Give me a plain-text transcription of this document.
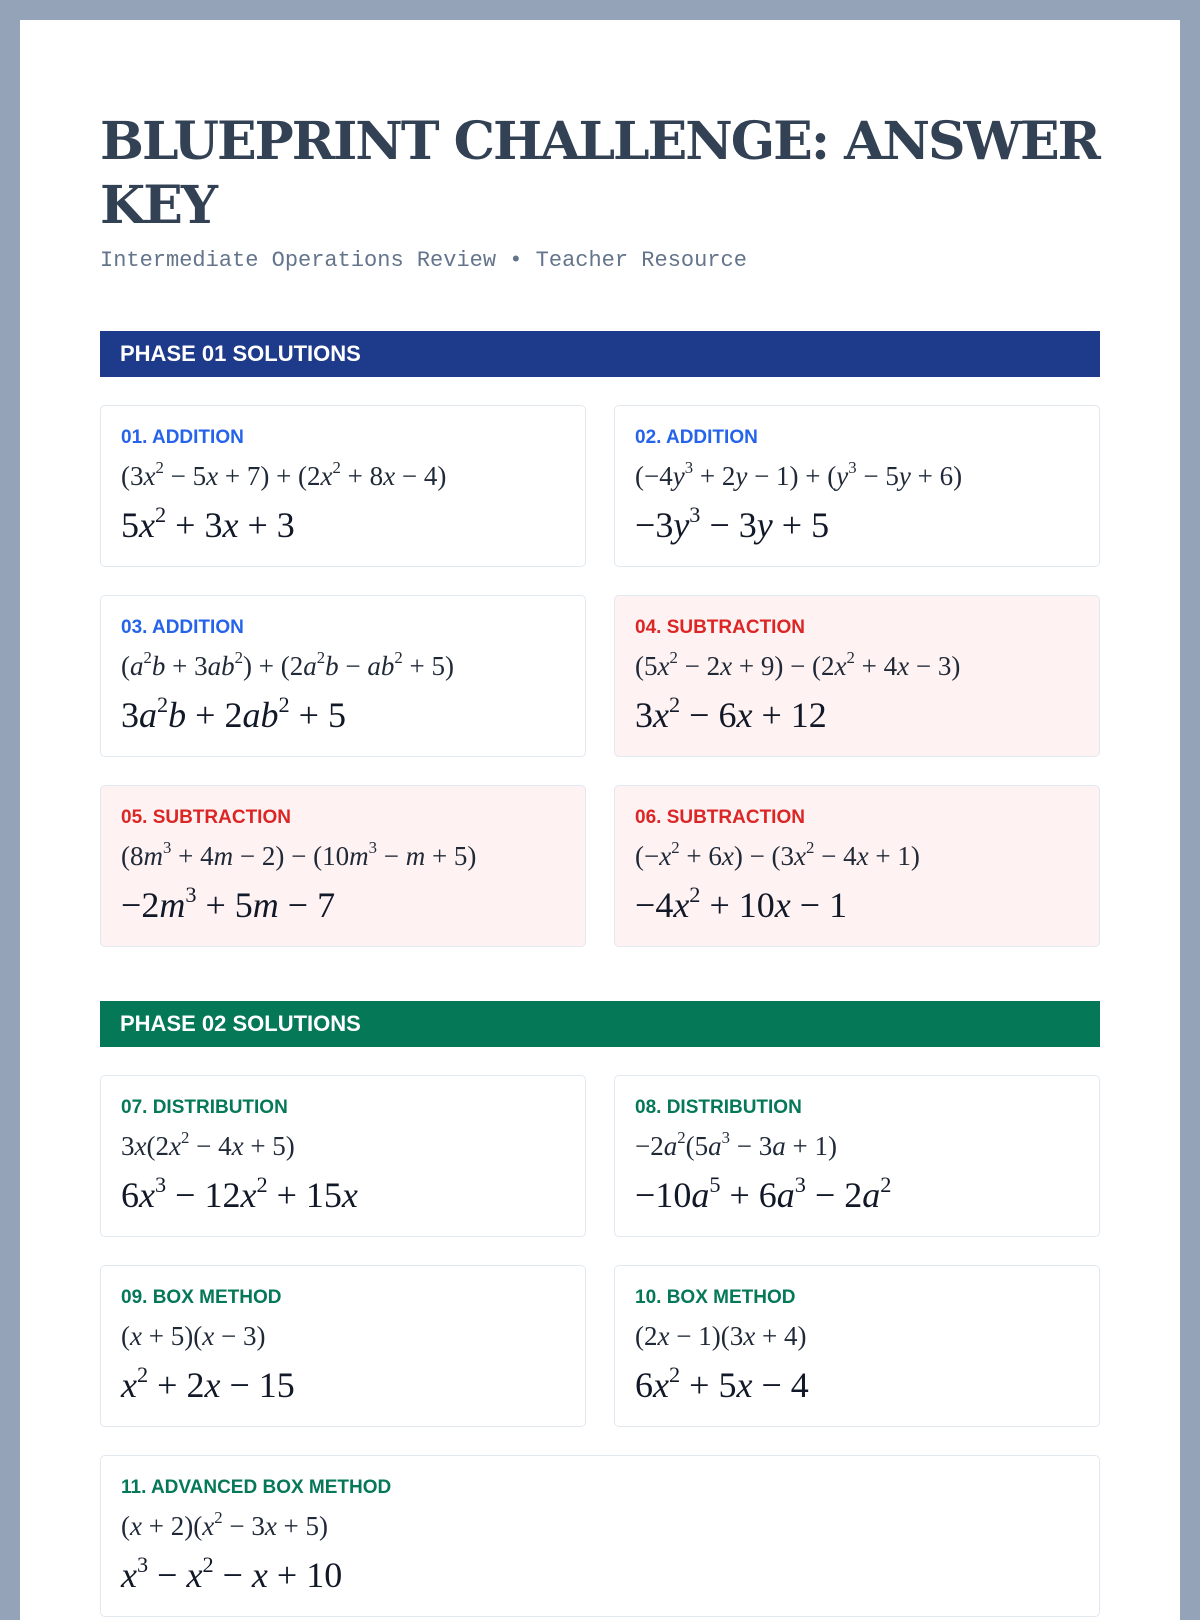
BLUEPRINT CHALLENGE: ANSWER KEY
Intermediate Operations Review • Teacher Resource
PHASE 01 SOLUTIONS
01. ADDITION
$(3x^2 - 5x + 7) + (2x^2 + 8x - 4)$
$5x^2 + 3x + 3$
02. ADDITION
$(-4y^3 + 2y - 1) + (y^3 - 5y + 6)$
$-3y^3 - 3y + 5$
03. ADDITION
$(a^2b + 3ab^2) + (2a^2b - ab^2 + 5)$
$3a^2b + 2ab^2 + 5$
04. SUBTRACTION
$(5x^2 - 2x + 9) - (2x^2 + 4x - 3)$
$3x^2 - 6x + 12$
05. SUBTRACTION
$(8m^3 + 4m - 2) - (10m^3 - m + 5)$
$-2m^3 + 5m - 7$
06. SUBTRACTION
$(-x^2 + 6x) - (3x^2 - 4x + 1)$
$-4x^2 + 10x - 1$
PHASE 02 SOLUTIONS
07. DISTRIBUTION
$3x(2x^2 - 4x + 5)$
$6x^3 - 12x^2 + 15x$
08. DISTRIBUTION
$-2a^2(5a^3 - 3a + 1)$
$-10a^5 + 6a^3 - 2a^2$
09. BOX METHOD
(x + 5)(x − 3)
$x^2 + 2x - 15$
10. BOX METHOD
(2x − 1)(3x + 4)
$6x^2 + 5x - 4$
11. ADVANCED BOX METHOD
$(x + 2)(x^2 - 3x + 5)$
$x^3 - x^2 - x + 10$
